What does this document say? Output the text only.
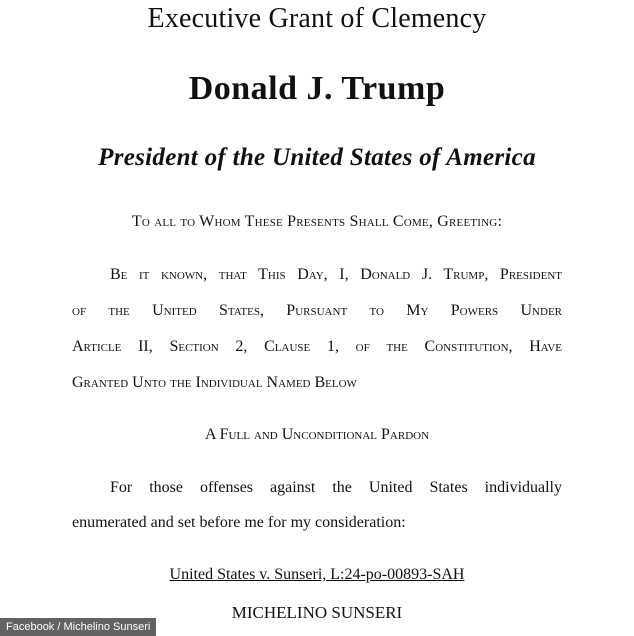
Executive Grant of Clemency
Donald J. Trump
President of the United States of America
To all to Whom These Presents Shall Come, Greeting:
Be it known, that This Day, I, Donald J. Trump, President
of the United States, Pursuant to My Powers Under
Article II, Section 2, Clause 1, of the Constitution, Have
Granted Unto the Individual Named Below
A Full and Unconditional Pardon
For those offenses against the United States individually
enumerated and set before me for my consideration:
United States v. Sunseri, L:24-po-00893-SAH
MICHELINO SUNSERI
Facebook / Michelino Sunseri
